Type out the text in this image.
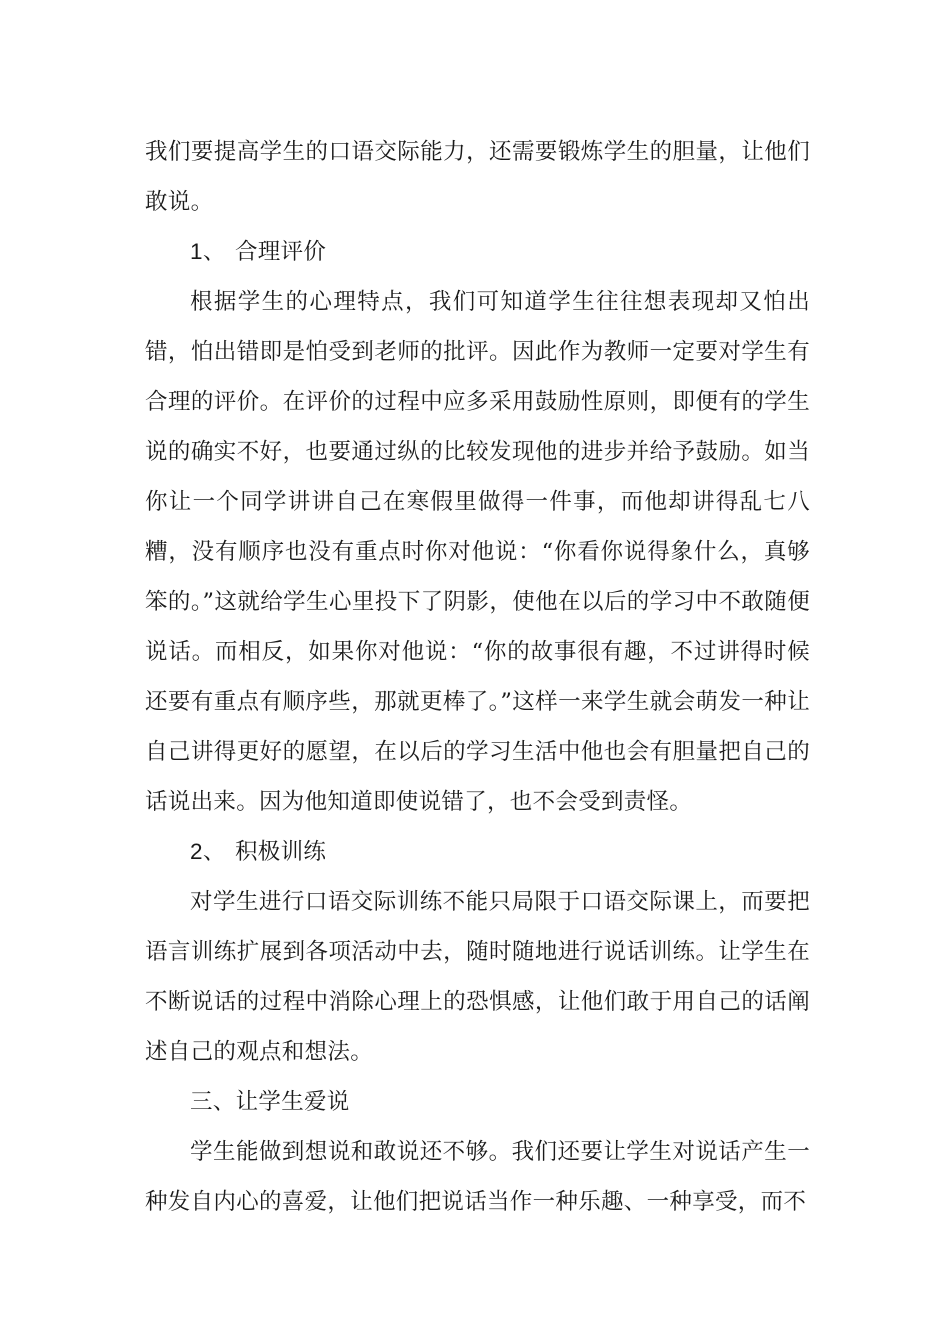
我们要提高学生的口语交际能力，还需要锻炼学生的胆量，让他们敢说。

1、 合理评价

根据学生的心理特点，我们可知道学生往往想表现却又怕出错，怕出错即是怕受到老师的批评。因此作为教师一定要对学生有合理的评价。在评价的过程中应多采用鼓励性原则，即便有的学生说的确实不好，也要通过纵的比较发现他的进步并给予鼓励。如当你让一个同学讲讲自己在寒假里做得一件事，而他却讲得乱七八糟，没有顺序也没有重点时你对他说：“你看你说得象什么，真够笨的。”这就给学生心里投下了阴影，使他在以后的学习中不敢随便说话。而相反，如果你对他说：“你的故事很有趣，不过讲得时候还要有重点有顺序些，那就更棒了。”这样一来学生就会萌发一种让自己讲得更好的愿望，在以后的学习生活中他也会有胆量把自己的话说出来。因为他知道即使说错了，也不会受到责怪。

2、 积极训练

对学生进行口语交际训练不能只局限于口语交际课上，而要把语言训练扩展到各项活动中去，随时随地进行说话训练。让学生在不断说话的过程中消除心理上的恐惧感，让他们敢于用自己的话阐述自己的观点和想法。

三、让学生爱说

学生能做到想说和敢说还不够。我们还要让学生对说话产生一种发自内心的喜爱，让他们把说话当作一种乐趣、一种享受，而不
